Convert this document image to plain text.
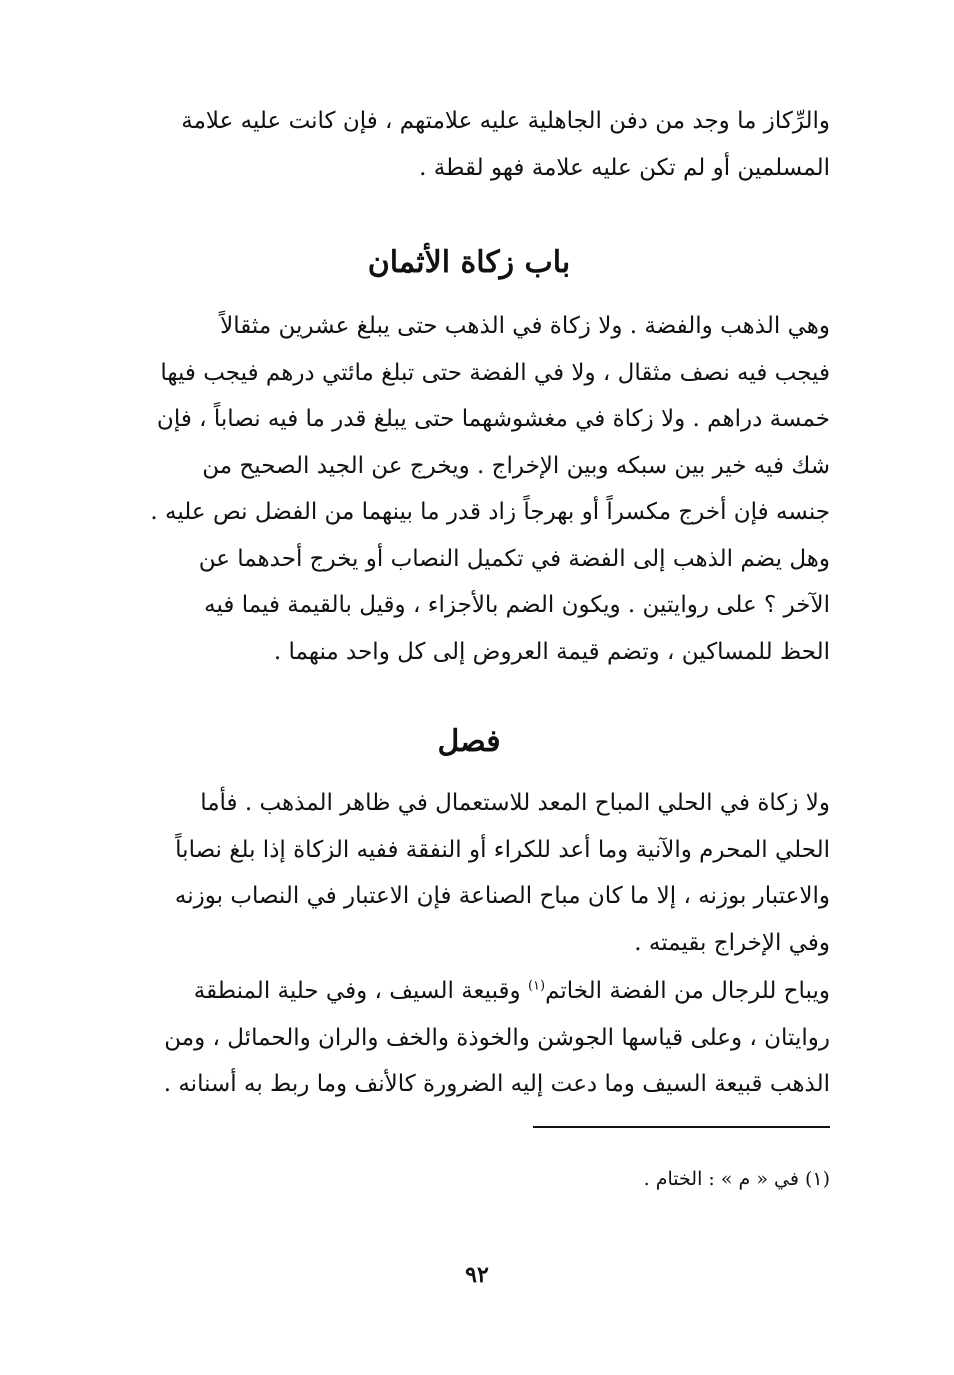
والرِّكاز ما وجد من دفن الجاهلية عليه علامتهم ، فإن كانت عليه علامة
المسلمين أو لم تكن عليه علامة فهو لقطة .
باب زكاة الأثمان
وهي الذهب والفضة . ولا زكاة في الذهب حتى يبلغ عشرين مثقالاً
فيجب فيه نصف مثقال ، ولا في الفضة حتى تبلغ مائتي درهم فيجب فيها
خمسة دراهم . ولا زكاة في مغشوشهما حتى يبلغ قدر ما فيه نصاباً ، فإن
شك فيه خير بين سبكه وبين الإخراج . ويخرج عن الجيد الصحيح من
جنسه فإن أخرج مكسراً أو بهرجاً زاد قدر ما بينهما من الفضل نص عليه .
وهل يضم الذهب إلى الفضة في تكميل النصاب أو يخرج أحدهما عن
الآخر ؟ على روايتين . ويكون الضم بالأجزاء ، وقيل بالقيمة فيما فيه
الحظ للمساكين ، وتضم قيمة العروض إلى كل واحد منهما .
فصل
ولا زكاة في الحلي المباح المعد للاستعمال في ظاهر المذهب . فأما
الحلي المحرم والآنية وما أعد للكراء أو النفقة ففيه الزكاة إذا بلغ نصاباً
والاعتبار بوزنه ، إلا ما كان مباح الصناعة فإن الاعتبار في النصاب بوزنه
وفي الإخراج بقيمته .
ويباح للرجال من الفضة الخاتم$^{(١)}$ وقبيعة السيف ، وفي حلية المنطقة
روايتان ، وعلى قياسها الجوشن والخوذة والخف والران والحمائل ، ومن
الذهب قبيعة السيف وما دعت إليه الضرورة كالأنف وما ربط به أسنانه .
(١) في « م » : الختام .
٩٢
